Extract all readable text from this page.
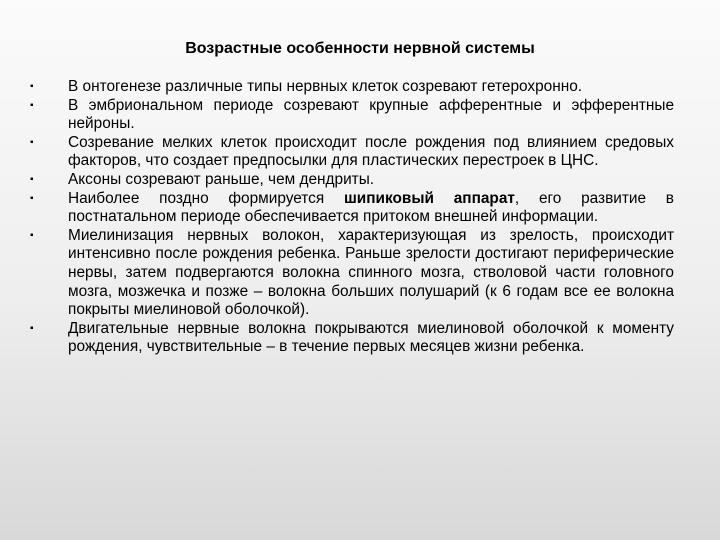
Возрастные особенности нервной системы
▪ В онтогенезе различные типы нервных клеток созревают гетерохронно.
▪ В эмбриональном периоде созревают крупные афферентные и эфферентные нейроны.
▪ Созревание мелких клеток происходит после рождения под влиянием средовых факторов, что создает предпосылки для пластических перестроек в ЦНС.
▪ Аксоны созревают раньше, чем дендриты.
▪ Наиболее поздно формируется шипиковый аппарат, его развитие в постнатальном периоде обеспечивается притоком внешней информации.
▪ Миелинизация нервных волокон, характеризующая из зрелость, происходит интенсивно после рождения ребенка. Раньше зрелости достигают периферические нервы, затем подвергаются волокна спинного мозга, стволовой части головного мозга, мозжечка и позже – волокна больших полушарий (к 6 годам все ее волокна покрыты миелиновой оболочкой).
▪ Двигательные нервные волокна покрываются миелиновой оболочкой к моменту рождения, чувствительные – в течение первых месяцев жизни ребенка.
